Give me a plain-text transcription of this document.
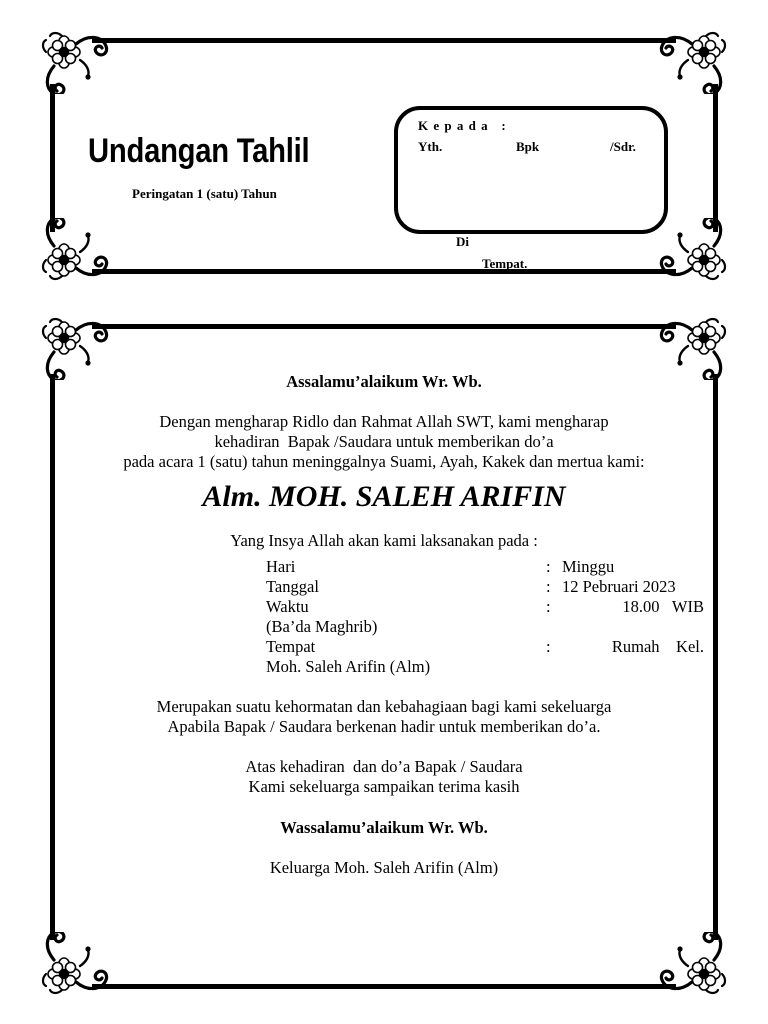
Undangan Tahlil
Peringatan 1 (satu) Tahun
K e p a d a   :
Yth.	Bpk	/Sdr.
Di
Tempat.
Assalamu’alaikum Wr. Wb.
Dengan mengharap Ridlo dan Rahmat Allah SWT, kami mengharap
kehadiran  Bapak /Saudara untuk memberikan do’a
pada acara 1 (satu) tahun meninggalnya Suami, Ayah, Kakek dan mertua kami:
Alm. MOH. SALEH ARIFIN
Yang Insya Allah akan kami laksanakan pada :
Hari	: Minggu
Tanggal	: 12 Pebruari 2023
Waktu	:	18.00 WIB
(Ba’da Maghrib)
Tempat	:	Rumah Kel.
Moh. Saleh Arifin (Alm)
Merupakan suatu kehormatan dan kebahagiaan bagi kami sekeluarga
Apabila Bapak / Saudara berkenan hadir untuk memberikan do’a.
Atas kehadiran  dan do’a Bapak / Saudara
Kami sekeluarga sampaikan terima kasih
Wassalamu’alaikum Wr. Wb.
Keluarga Moh. Saleh Arifin (Alm)
